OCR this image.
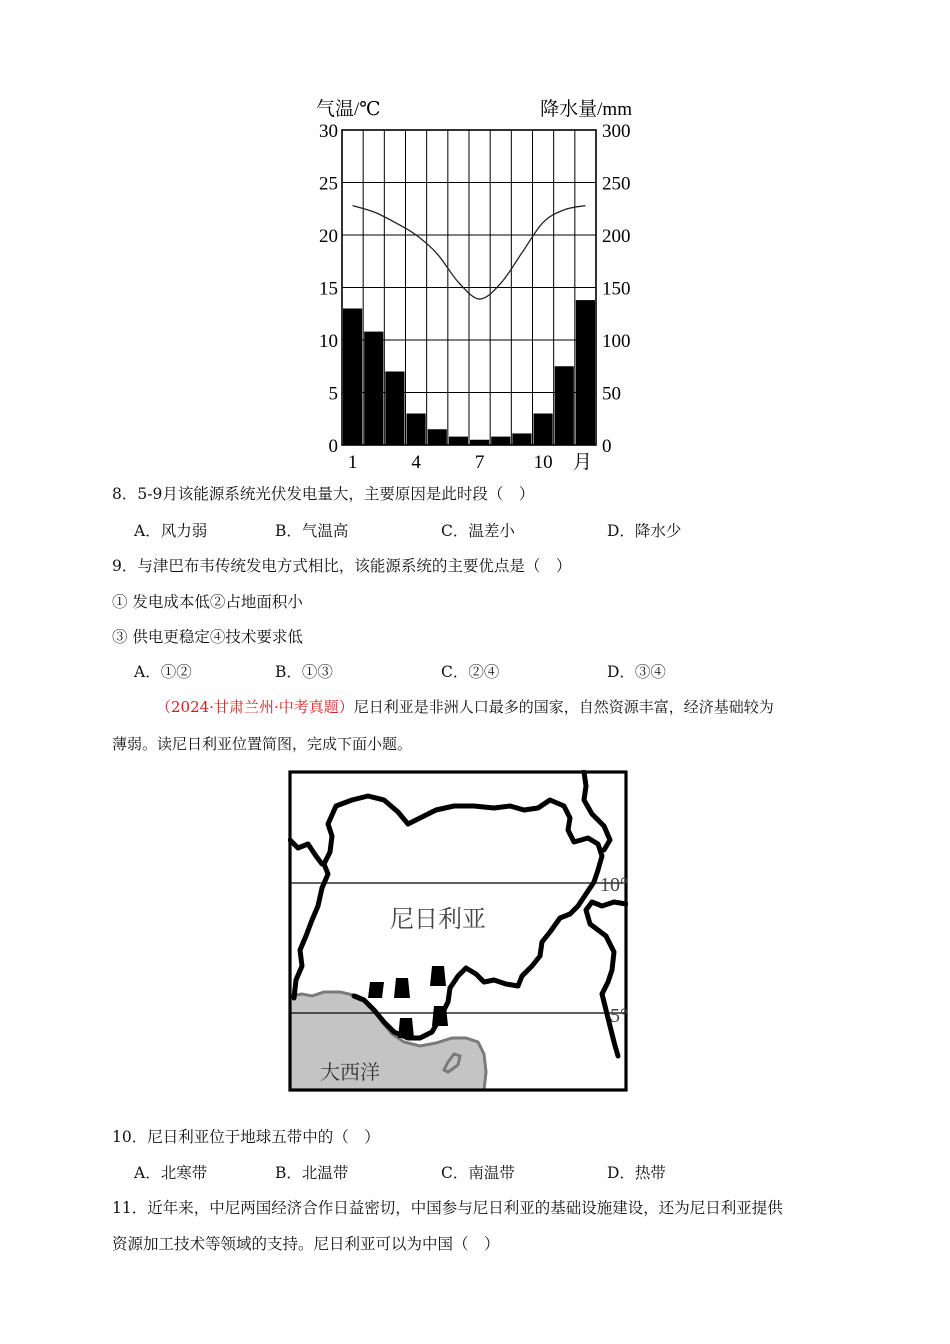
0
5
10
15
20
25
30
0
50
100
150
200
250
300
1	4	7	10
气温/℃	降水量/mm
月
8．5-9月该能源系统光伏发电量大，主要原因是此时段（　）
A．风力弱	B．气温高	C．温差小	D．降水少
9．与津巴布韦传统发电方式相比，该能源系统的主要优点是（　）
① 发电成本低②占地面积小
③ 供电更稳定④技术要求低
A．①②	B．①③	C．②④	D．③④
（2024·甘肃兰州·中考真题）尼日利亚是非洲人口最多的国家，自然资源丰富，经济基础较为
薄弱。读尼日利亚位置简图，完成下面小题。
尼日利亚
大西洋
10°
5°
10．尼日利亚位于地球五带中的（　）
A．北寒带	B．北温带	C．南温带	D．热带
11．近年来，中尼两国经济合作日益密切，中国参与尼日利亚的基础设施建设，还为尼日利亚提供
资源加工技术等领域的支持。尼日利亚可以为中国（　）
